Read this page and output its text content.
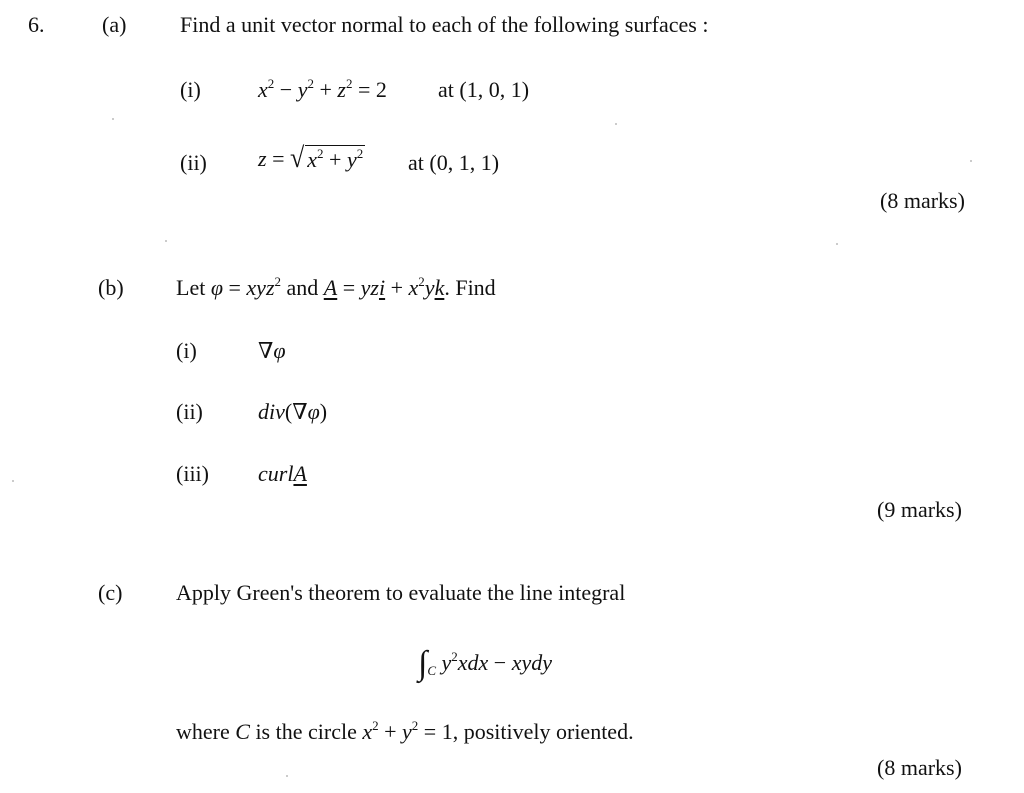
6.	(a) Find a unit vector normal to each of the following surfaces :
(i)	$x^2 - y^2 + z^2 = 2$ at (1, 0, 1)
(ii) z = √ $x^2 + y^2$ at (0, 1, 1)
(8 marks)
(b) Let φ = xyz$^2$ and A = yzi + $x^2yk$. Find
(i)	∇φ
(ii)	div(∇φ)
(iii) curlA
(9 marks)
(c) Apply Green's theorem to evaluate the line integral
$\int_C$ $y^2xdx$ − xydy
where C is the circle $x^2 + y^2 = 1$, positively oriented.
(8 marks)
